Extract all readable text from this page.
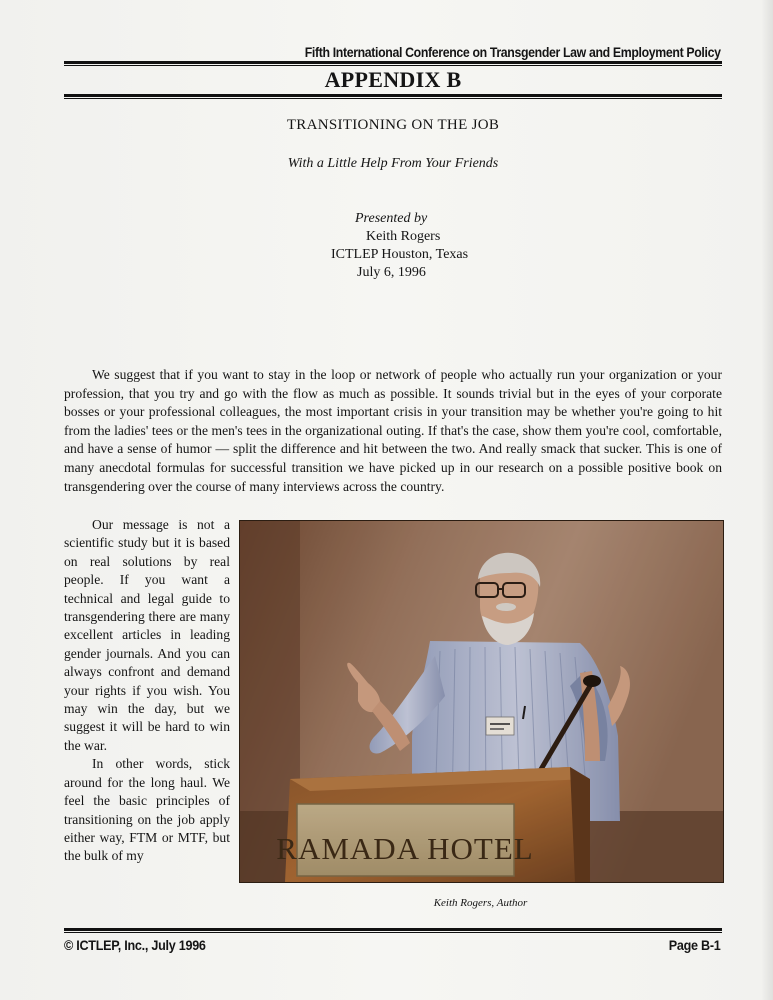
Fifth International Conference on Transgender Law and Employment Policy
APPENDIX B
TRANSITIONING ON THE JOB
With a Little Help From Your Friends
Presented by
Keith Rogers
ICTLEP Houston, Texas
July 6, 1996

We suggest that if you want to stay in the loop or network of people who actually run your organization or your profession, that you try and go with the flow as much as possible. It sounds trivial but in the eyes of your corporate bosses or your professional colleagues, the most important crisis in your transition may be whether you're going to hit from the ladies' tees or the men's tees in the organizational outing. If that's the case, show them you're cool, comfortable, and have a sense of humor — split the difference and hit between the two. And really smack that sucker. This is one of many anecdotal formulas for successful transition we have picked up in our research on a possible positive book on transgendering over the course of many interviews across the country.

Our message is not a scientific study but it is based on real solutions by real people. If you want a technical and legal guide to transgendering there are many excellent articles in leading gender journals. And you can always confront and demand your rights if you wish. You may win the day, but we suggest it will be hard to win the war.

In other words, stick around for the long haul. We feel the basic principles of transitioning on the job apply either way, FTM or MTF, but the bulk of my	RAMADA HOTEL
Keith Rogers, Author
© ICTLEP, Inc., July 1996	Page B-1
